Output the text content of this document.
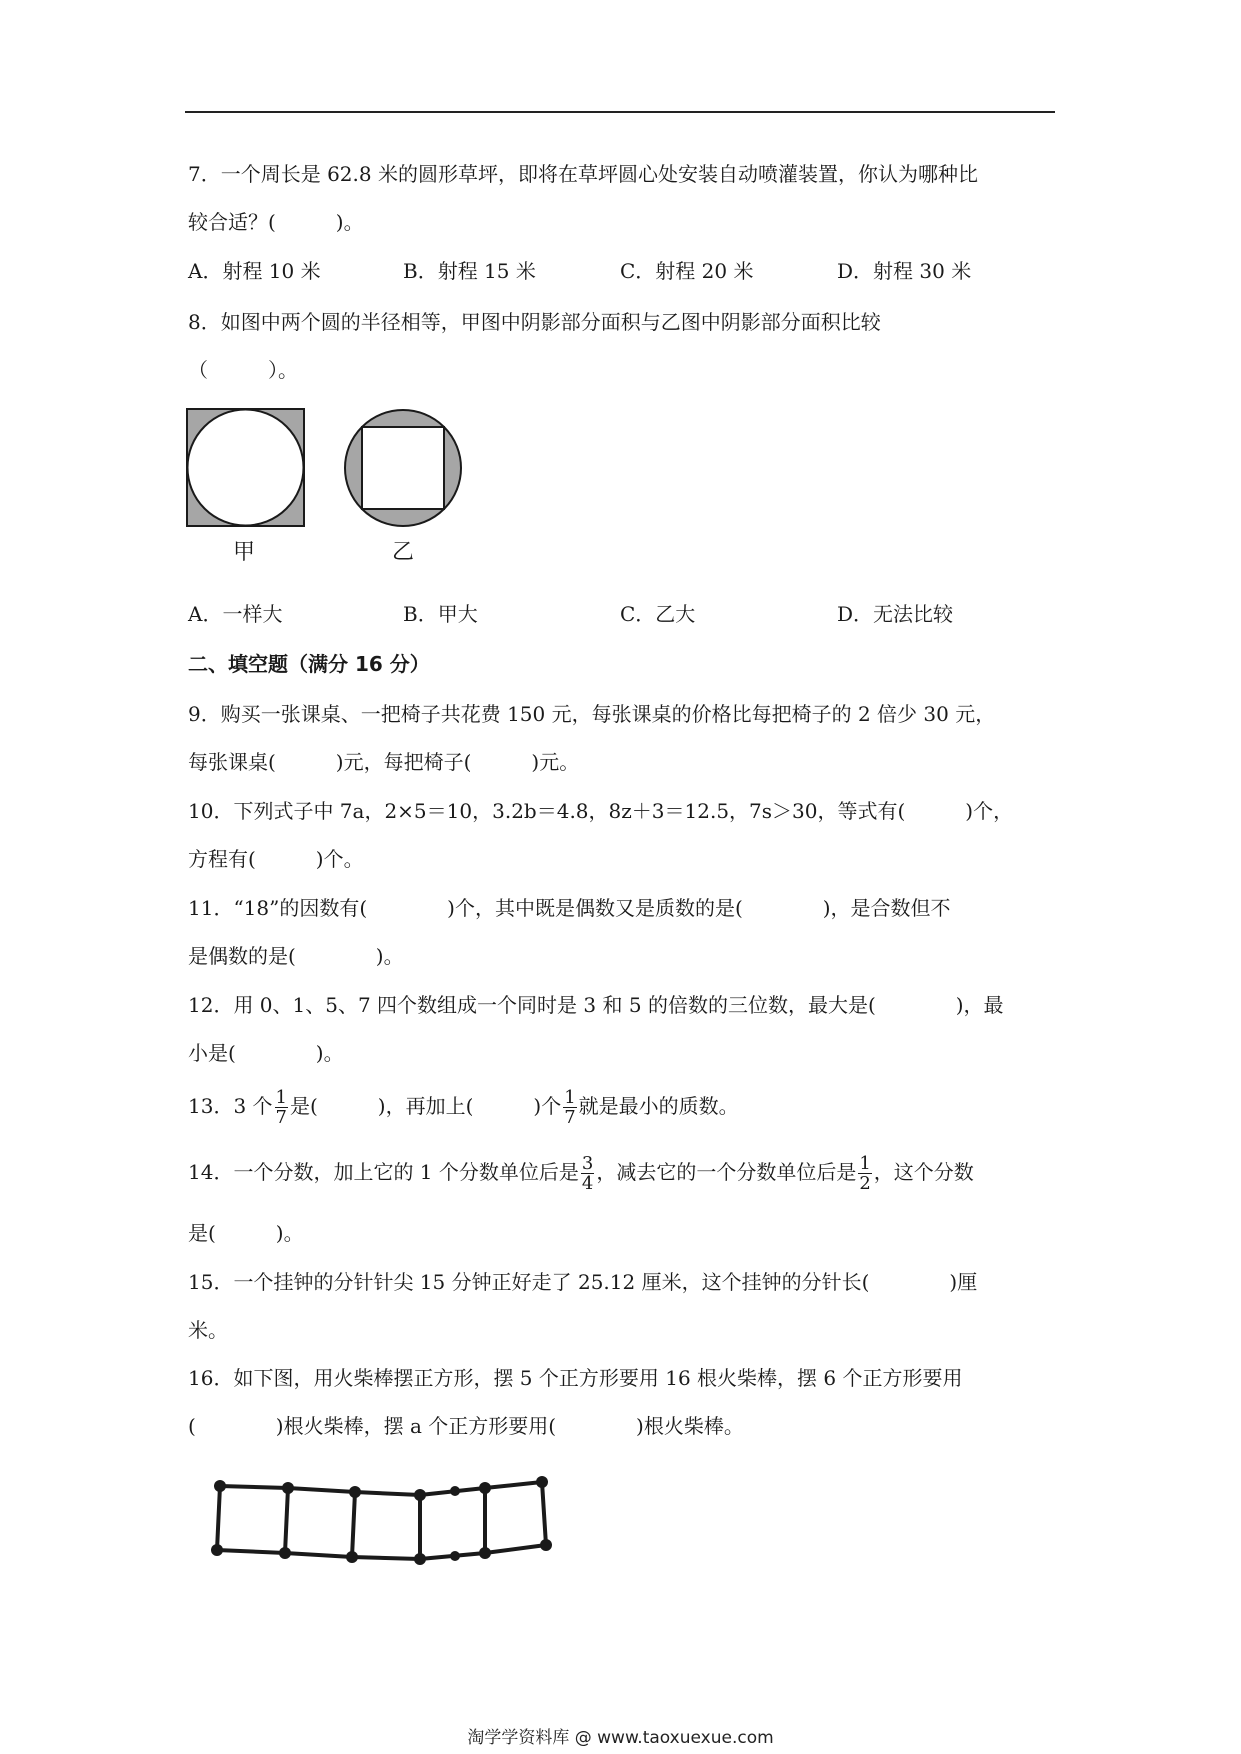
7．一个周长是 62.8 米的圆形草坪，即将在草坪圆心处安装自动喷灌装置，你认为哪种比
较合适？(　　　)。
A．射程 10 米	B．射程 15 米	C．射程 20 米	D．射程 30 米
8．如图中两个圆的半径相等，甲图中阴影部分面积与乙图中阴影部分面积比较
（　　　）。
甲	乙
A．一样大	B．甲大	C．乙大	D．无法比较
二、填空题（满分 16 分）
9．购买一张课桌、一把椅子共花费 150 元，每张课桌的价格比每把椅子的 2 倍少 30 元，
每张课桌(　　　)元，每把椅子(　　　)元。
10．下列式子中 7a，2×5＝10，3.2b＝4.8，8z＋3＝12.5，7s＞30，等式有(　　　)个，
方程有(　　　)个。
11．“18”的因数有(　　　　)个，其中既是偶数又是质数的是(　　　　)，是合数但不
是偶数的是(　　　　)。
12．用 0、1、5、7 四个数组成一个同时是 3 和 5 的倍数的三位数，最大是(　　　　)，最
小是(　　　　)。
13．3 个 $\frac{1}{7}$ 是(　　　)，再加上(　　　)个 $\frac{1}{7}$ 就是最小的质数。
14．一个分数，加上它的 1 个分数单位后是 $\frac{3}{4}$ ，减去它的一个分数单位后是 $\frac{1}{2}$ ，这个分数
是(　　　)。
15．一个挂钟的分针针尖 15 分钟正好走了 25.12 厘米，这个挂钟的分针长(　　　　)厘
米。
16．如下图，用火柴棒摆正方形，摆 5 个正方形要用 16 根火柴棒，摆 6 个正方形要用
(　　　　)根火柴棒，摆 a 个正方形要用(　　　　)根火柴棒。
淘学学资料库 @ www.taoxuexue.com
